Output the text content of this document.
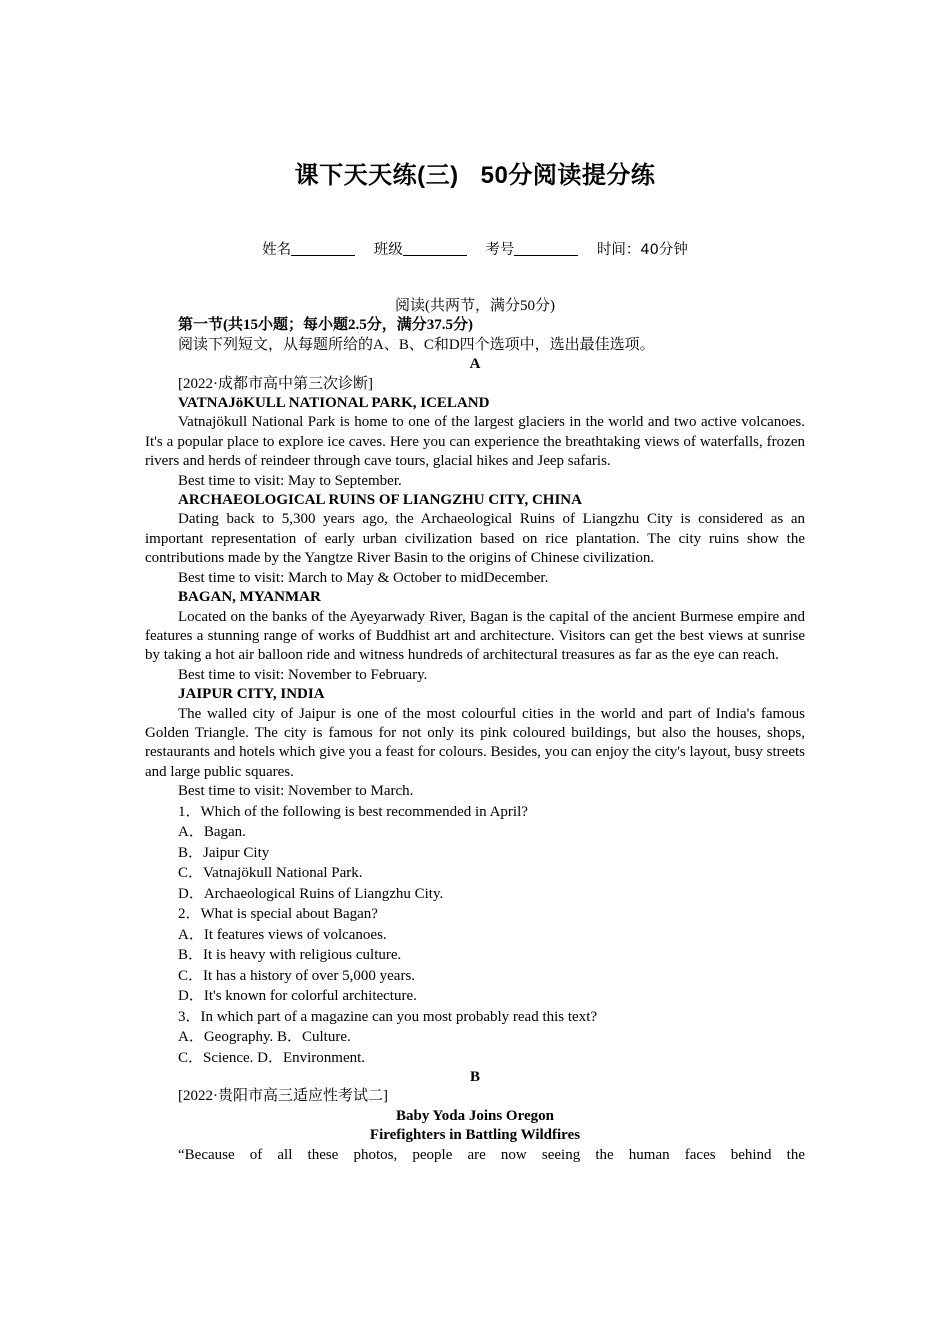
课下天天练(三) 50分阅读提分练
姓名	班级	考号	时间：40分钟

阅读(共两节，满分50分)

第一节(共15小题；每小题2.5分，满分37.5分)

阅读下列短文，从每题所给的A、B、C和D四个选项中，选出最佳选项。

A

[2022·成都市高中第三次诊断]

VATNAJöKULL NATIONAL PARK, ICELAND

Vatnajökull National Park is home to one of the largest glaciers in the world and two active volcanoes. It's a popular place to explore ice caves. Here you can experience the breathtaking views of waterfalls, frozen rivers and herds of reindeer through cave tours, glacial hikes and Jeep safaris.

Best time to visit: May to September.

ARCHAEOLOGICAL RUINS OF LIANGZHU CITY, CHINA

Dating back to 5,300 years ago, the Archaeological Ruins of Liangzhu City is considered as an important representation of early urban civilization based on rice plantation. The city ruins show the contributions made by the Yangtze River Basin to the origins of Chinese civilization.

Best time to visit: March to May & October to midDecember.

BAGAN, MYANMAR

Located on the banks of the Ayeyarwady River, Bagan is the capital of the ancient Burmese empire and features a stunning range of works of Buddhist art and architecture. Visitors can get the best views at sunrise by taking a hot air balloon ride and witness hundreds of architectural treasures as far as the eye can reach.

Best time to visit: November to February.

JAIPUR CITY, INDIA

The walled city of Jaipur is one of the most colourful cities in the world and part of India's famous Golden Triangle. The city is famous for not only its pink coloured buildings, but also the houses, shops, restaurants and hotels which give you a feast for colours. Besides, you can enjoy the city's layout, busy streets and large public squares.

Best time to visit: November to March.

1．Which of the following is best recommended in April?
A．Bagan.
B．Jaipur City
C．Vatnajökull National Park.
D．Archaeological Ruins of Liangzhu City.
2．What is special about Bagan?
A．It features views of volcanoes.
B．It is heavy with religious culture.
C．It has a history of over 5,000 years.
D．It's known for colorful architecture.
3．In which part of a magazine can you most probably read this text?
A．Geography. B．Culture.
C．Science. D．Environment.

B

[2022·贵阳市高三适应性考试二]

Baby Yoda Joins Oregon

Firefighters in Battling Wildfires

“Because of all these photos, people are now seeing the human faces behind the
